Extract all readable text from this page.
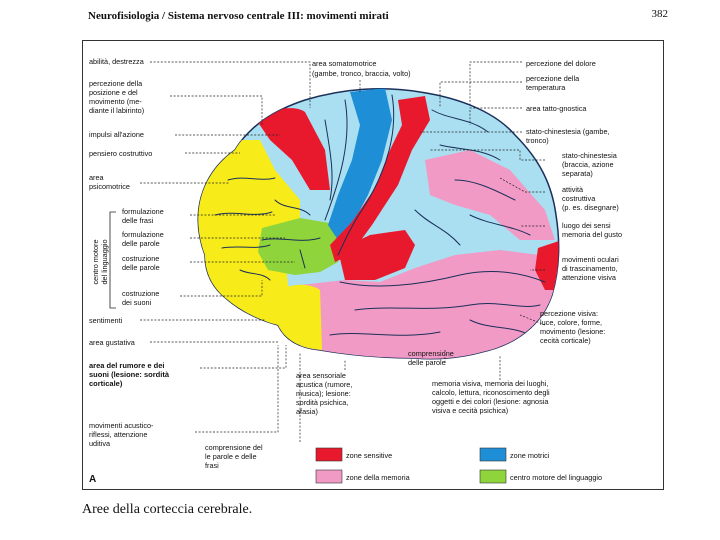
Neurofisiologia / Sistema nervoso centrale III: movimenti mirati	382
abilità, destrezza
percezione della
posizione e del
movimento (me-
diante il labirinto)
impulsi all'azione
pensiero costruttivo
area
psicomotrice
formulazione
delle frasi
formulazione
delle parole
costruzione
delle parole
costruzione
dei suoni
sentimenti
area gustativa
area del rumore e dei
suoni (lesione: sordità
corticale)
movimenti acustico-
riflessi, attenzione
uditiva
A
centro motore del linguaggio
area somatomotrice
(gambe, tronco, braccia, volto)
percezione del dolore
percezione della
temperatura
area tatto-gnostica
stato-chinestesia (gambe,
tronco)
stato-chinestesia
(braccia, azione
separata)
attività
costruttiva
(p. es. disegnare)
luogo dei sensi
memoria del gusto
movimenti oculari
di trascinamento,
attenzione visiva
percezione visiva:
luce, colore, forme,
movimento (lesione:
cecità corticale)
comprensione
delle parole
area sensoriale
acustica (rumore,
musica); lesione:
sordità psichica,
afasia)
memoria visiva, memoria dei luoghi,
calcolo, lettura, riconoscimento degli
oggetti e dei colori (lesione: agnosia
visiva e cecità psichica)
comprensione del
le parole e delle
frasi
zone sensitive	zone motrici
zone della memoria	centro motore del linguaggio
Aree della corteccia cerebrale.
